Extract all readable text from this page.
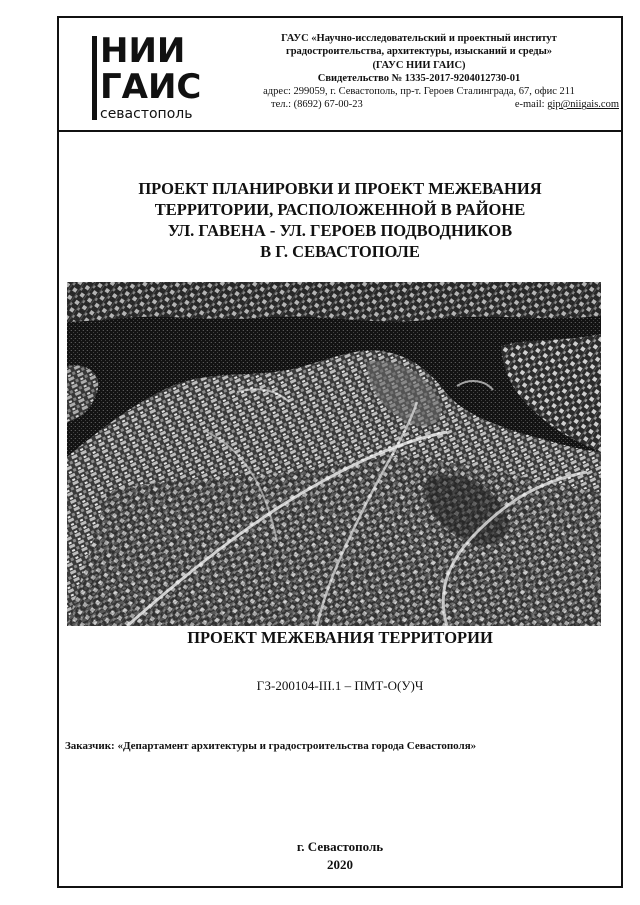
НИИ
ГАИС
севастополь
ГАУС «Научно-исследовательский и проектный институт
градостроительства, архитектуры, изысканий и среды»
(ГАУС НИИ ГАИС)
Свидетельство № 1335-2017-9204012730-01
адрес: 299059, г. Севастополь, пр-т. Героев Сталинграда, 67, офис 211
тел.: (8692) 67-00-23	e-mail: gip@niigais.com
ПРОЕКТ ПЛАНИРОВКИ И ПРОЕКТ МЕЖЕВАНИЯ
ТЕРРИТОРИИ, РАСПОЛОЖЕННОЙ В РАЙОНЕ
УЛ. ГАВЕНА - УЛ. ГЕРОЕВ ПОДВОДНИКОВ
В Г. СЕВАСТОПОЛЕ
ПРОЕКТ МЕЖЕВАНИЯ ТЕРРИТОРИИ
ГЗ-200104-III.1 – ПМТ-О(У)Ч
Заказчик: «Департамент архитектуры и градостроительства города Севастополя»
г. Севастополь
2020
